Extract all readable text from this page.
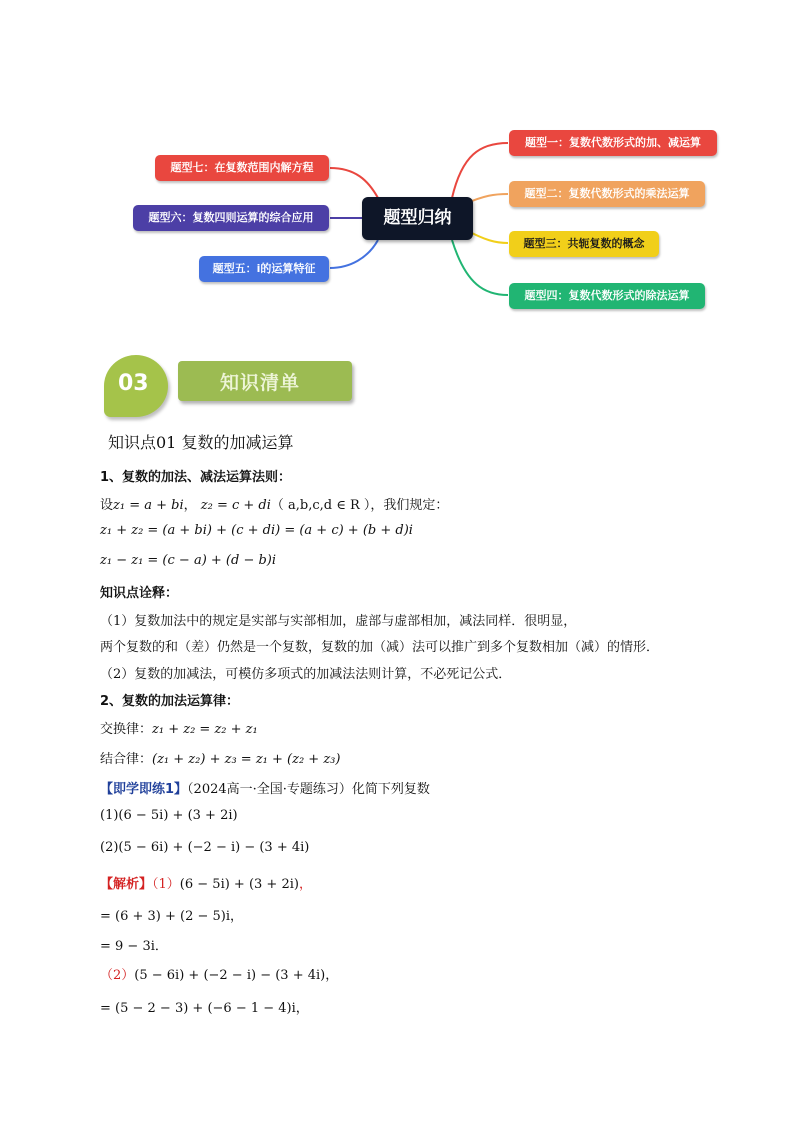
题型归纳
题型一：复数代数形式的加、减运算
题型二：复数代数形式的乘法运算
题型三：共轭复数的概念
题型四：复数代数形式的除法运算
题型七：在复数范围内解方程
题型六：复数四则运算的综合应用
题型五：i的运算特征
03	知识清单
知识点01 复数的加减运算
1、复数的加法、减法运算法则：
设z₁ = a + bi， z₂ = c + di（ a,b,c,d ∈ R ），我们规定：
z₁ + z₂ = (a + bi) + (c + di) = (a + c) + (b + d)i
z₁ − z₁ = (c − a) + (d − b)i
知识点诠释：
（1）复数加法中的规定是实部与实部相加，虚部与虚部相加，减法同样．很明显，
两个复数的和（差）仍然是一个复数，复数的加（减）法可以推广到多个复数相加（减）的情形．
（2）复数的加减法，可模仿多项式的加减法法则计算，不必死记公式．
2、复数的加法运算律：
交换律：z₁ + z₂ = z₂ + z₁
结合律：(z₁ + z₂) + z₃ = z₁ + (z₂ + z₃)
【即学即练1】（2024高一·全国·专题练习）化简下列复数
(1)(6 − 5i) + (3 + 2i)
(2)(5 − 6i) + (−2 − i) − (3 + 4i)
【解析】（1）(6 − 5i) + (3 + 2i)，
= (6 + 3) + (2 − 5)i，
= 9 − 3i．
（2）(5 − 6i) + (−2 − i) − (3 + 4i)，
= (5 − 2 − 3) + (−6 − 1 − 4)i，
